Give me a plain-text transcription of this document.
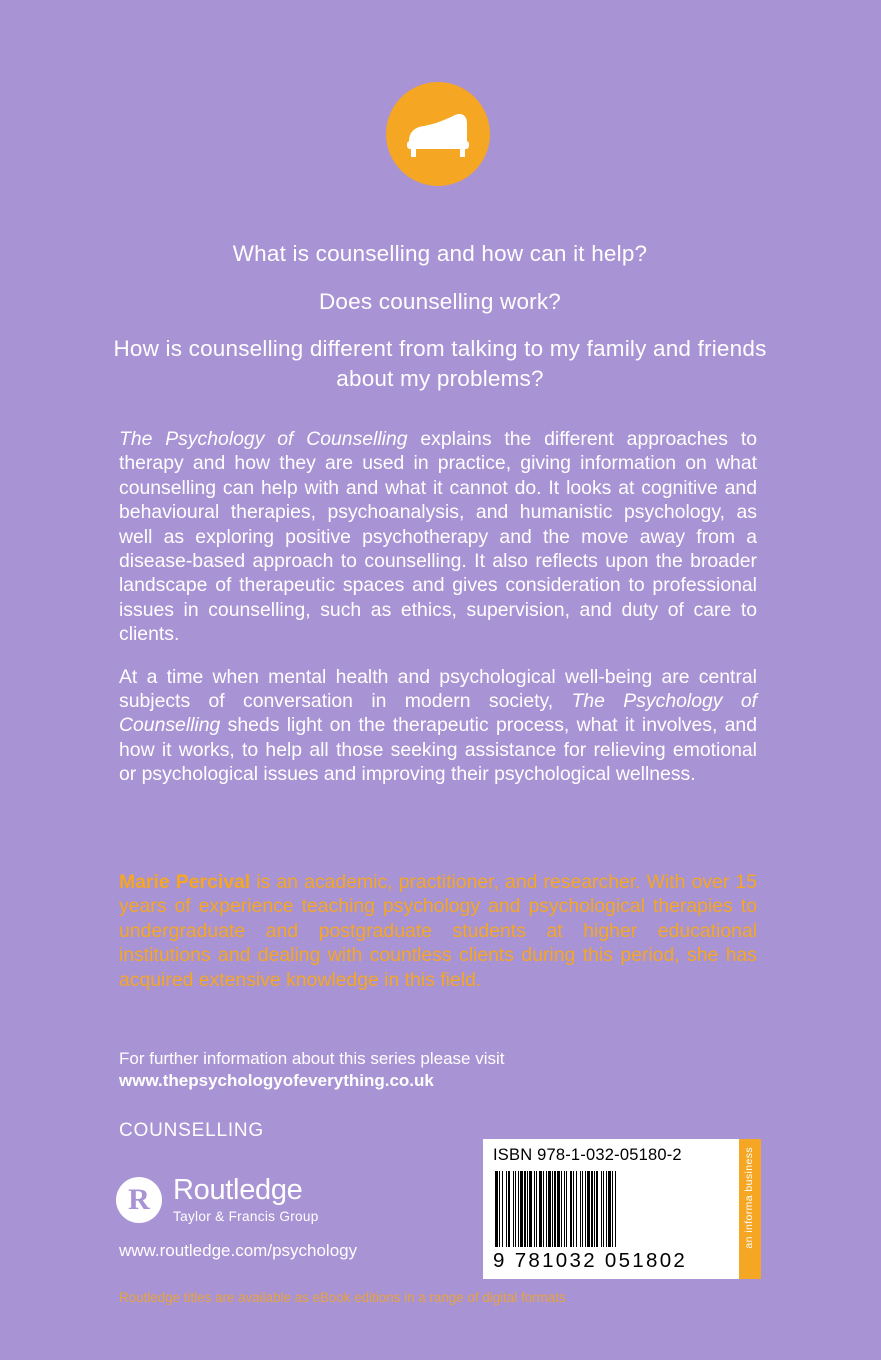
What is counselling and how can it help?
Does counselling work?
How is counselling different from talking to my family and friends about my problems?

The Psychology of Counselling explains the different approaches to therapy and how they are used in practice, giving information on what counselling can help with and what it cannot do. It looks at cognitive and behavioural therapies, psychoanalysis, and humanistic psychology, as well as exploring positive psychotherapy and the move away from a disease-based approach to counselling. It also reflects upon the broader landscape of therapeutic spaces and gives consideration to professional issues in counselling, such as ethics, supervision, and duty of care to clients.

At a time when mental health and psychological well-being are central subjects of conversation in modern society, The Psychology of Counselling sheds light on the therapeutic process, what it involves, and how it works, to help all those seeking assistance for relieving emotional or psychological issues and improving their psychological wellness.

Marie Percival is an academic, practitioner, and researcher. With over 15 years of experience teaching psychology and psychological therapies to undergraduate and postgraduate students at higher educational institutions and dealing with countless clients during this period, she has acquired extensive knowledge in this field.
For further information about this series please visit
www.thepsychologyofeverything.co.uk
COUNSELLING
R Routledge
Taylor & Francis Group
www.routledge.com/psychology
Routledge titles are available as eBook editions in a range of digital formats
ISBN 978-1-032-05180-2
9 781032 051802
an informa business
